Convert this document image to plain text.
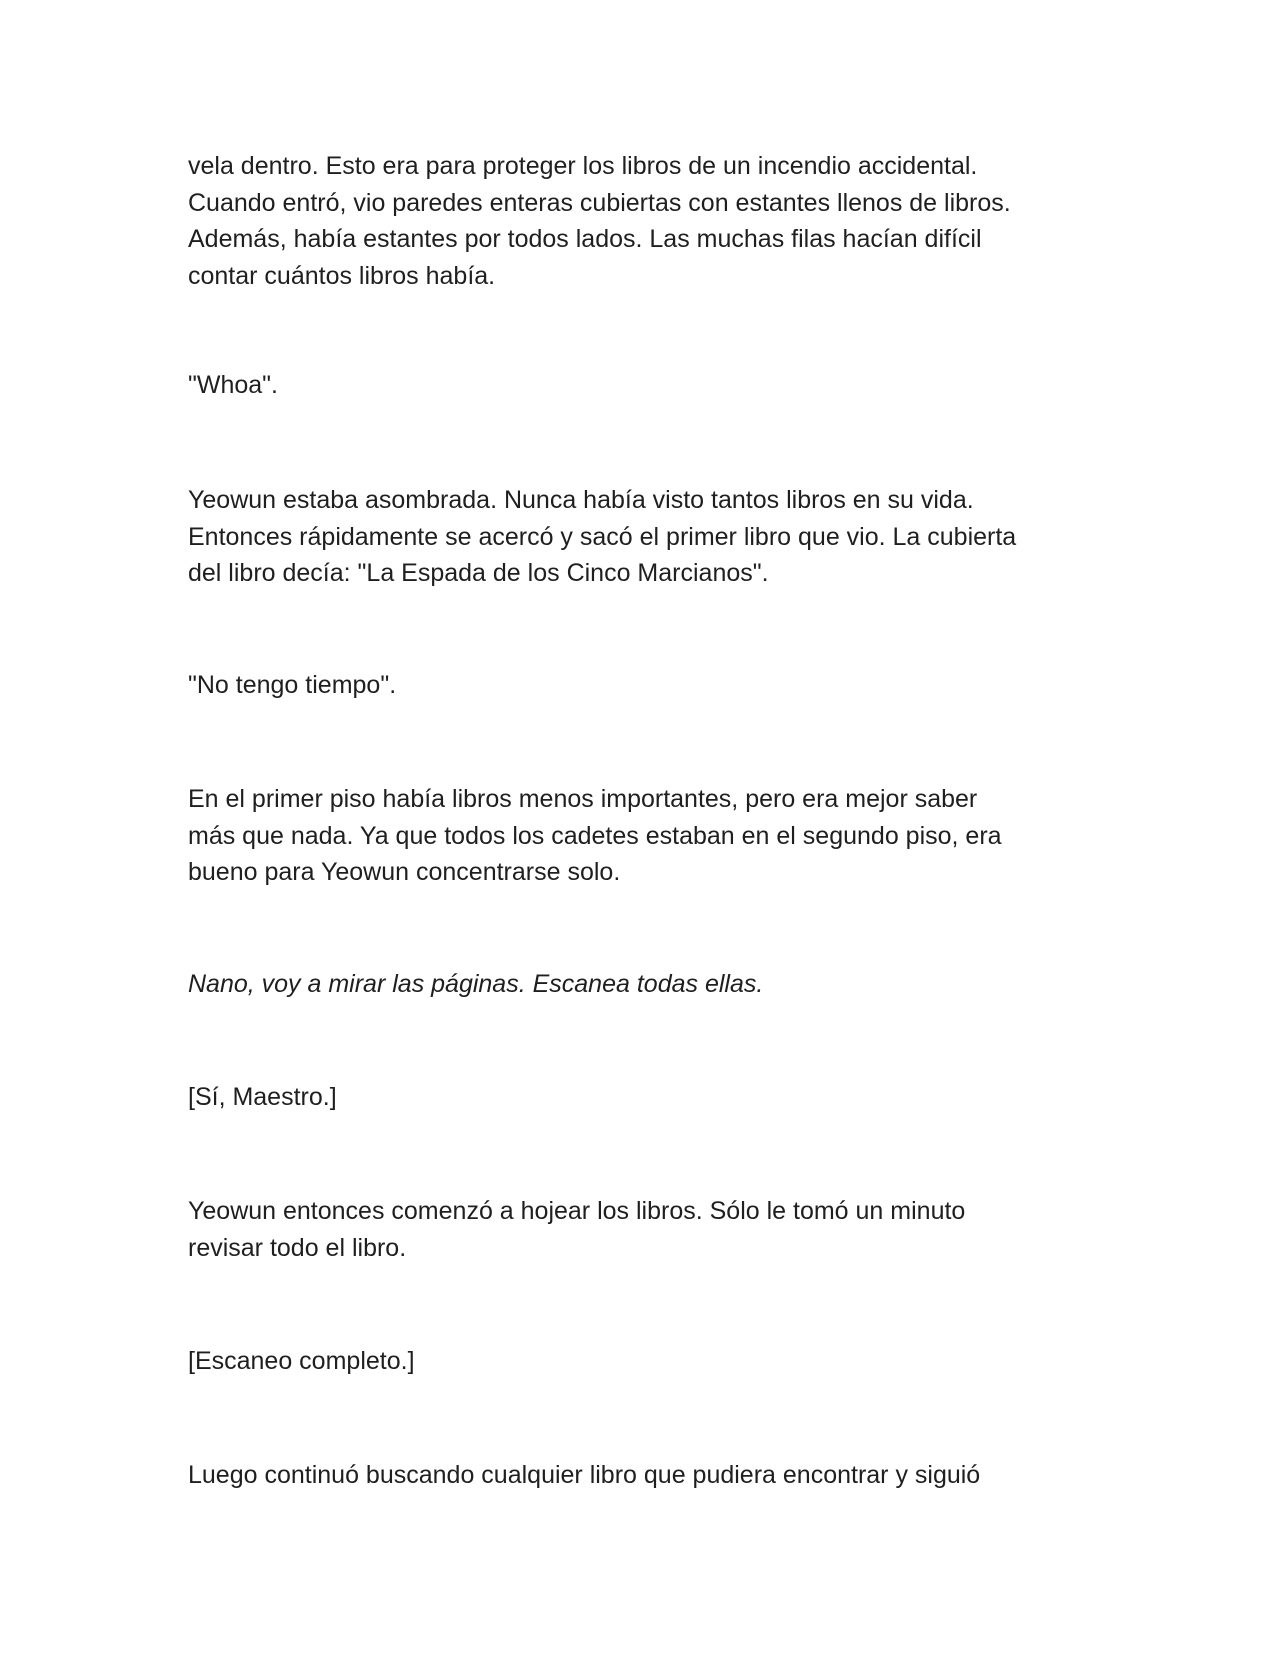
vela dentro. Esto era para proteger los libros de un incendio accidental.
Cuando entró, vio paredes enteras cubiertas con estantes llenos de libros.
Además, había estantes por todos lados. Las muchas filas hacían difícil
contar cuántos libros había.

"Whoa".

Yeowun estaba asombrada. Nunca había visto tantos libros en su vida.
Entonces rápidamente se acercó y sacó el primer libro que vio. La cubierta
del libro decía: "La Espada de los Cinco Marcianos".

"No tengo tiempo".

En el primer piso había libros menos importantes, pero era mejor saber
más que nada. Ya que todos los cadetes estaban en el segundo piso, era
bueno para Yeowun concentrarse solo.

Nano, voy a mirar las páginas. Escanea todas ellas.

[Sí, Maestro.]

Yeowun entonces comenzó a hojear los libros. Sólo le tomó un minuto
revisar todo el libro.

[Escaneo completo.]

Luego continuó buscando cualquier libro que pudiera encontrar y siguió
